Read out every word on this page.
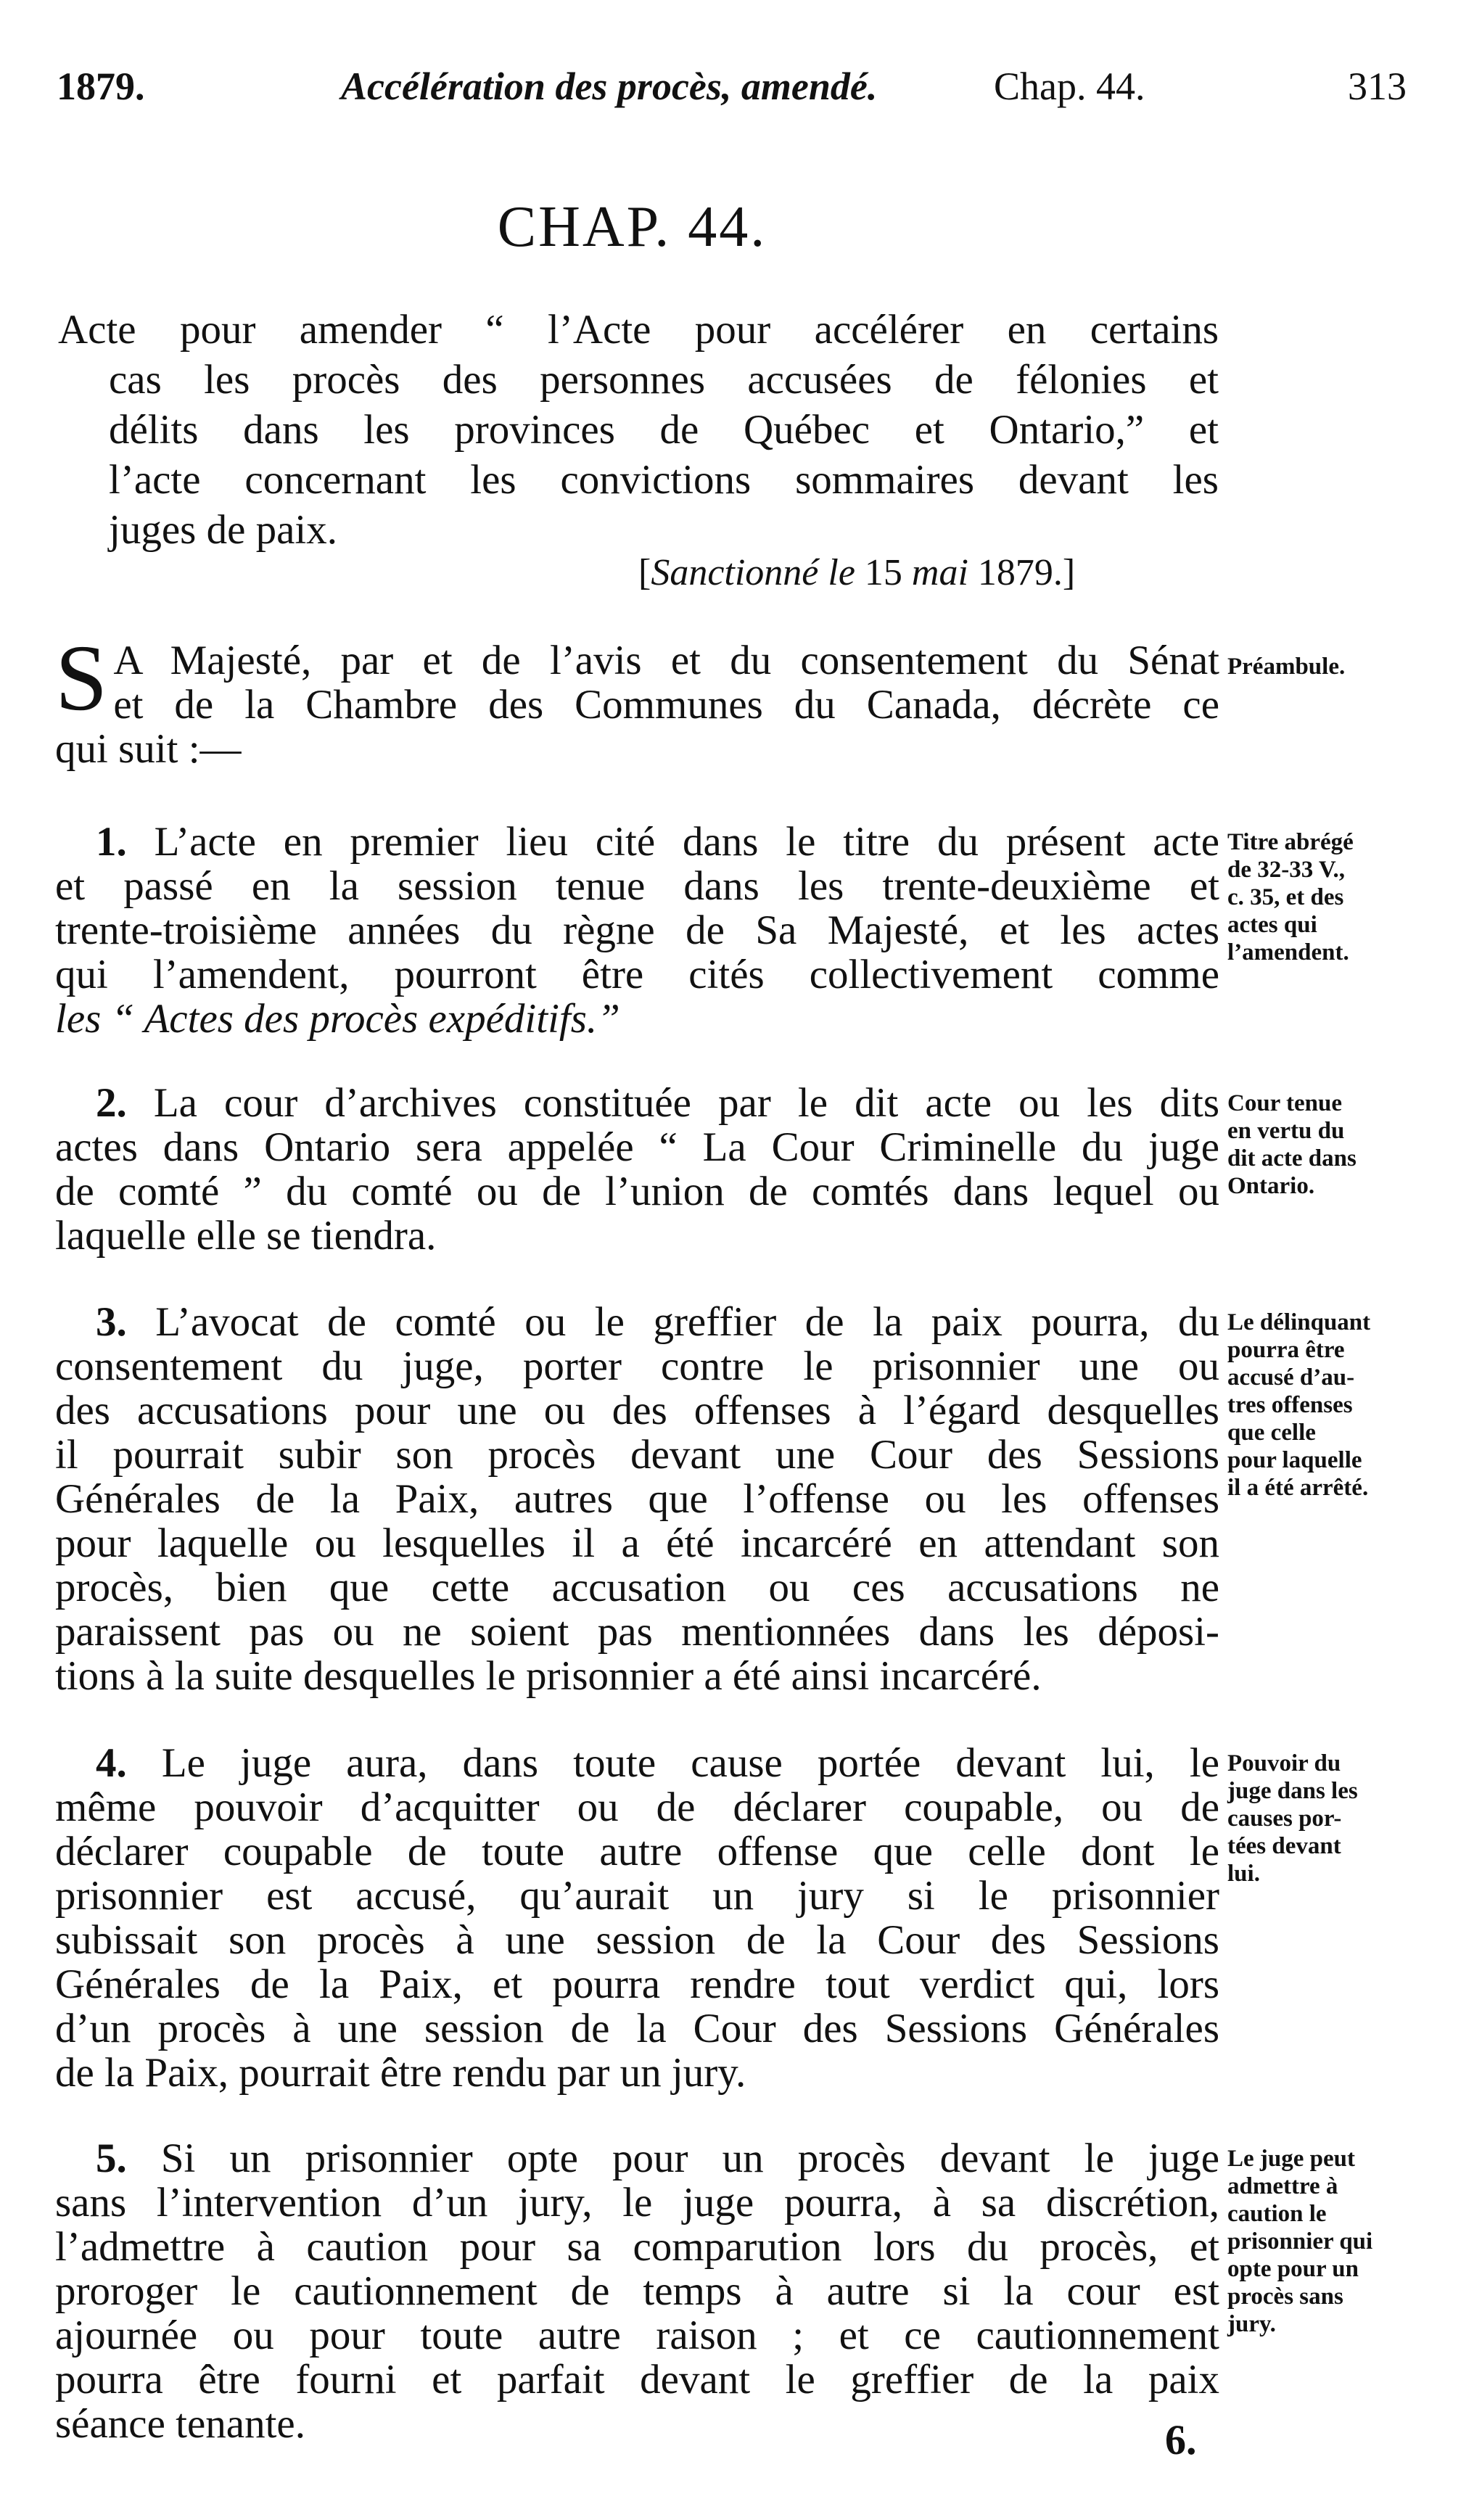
1879.	Accélération des procès, amendé.	Chap. 44.	313
CHAP. 44.
Acte pour amender “ l’Acte pour accélérer en certains
cas les procès des personnes accusées de félonies et
délits dans les provinces de Québec et Ontario,” et
l’acte concernant les convictions sommaires devant les
juges de paix.
[Sanctionné le 15 mai 1879.]
S A Majesté, par et de l’avis et du consentement du Sénat
et de la Chambre des Communes du Canada, décrète ce
qui suit :—
Préambule.
1. L’acte en premier lieu cité dans le titre du présent acte
et passé en la session tenue dans les trente-deuxième et
trente-troisième années du règne de Sa Majesté, et les actes
qui l’amendent, pourront être cités collectivement comme
les “ Actes des procès expéditifs.”
Titre abrégé
de 32-33 V.,
c. 35, et des
actes qui
l’amendent.
2. La cour d’archives constituée par le dit acte ou les dits
actes dans Ontario sera appelée “ La Cour Criminelle du juge
de comté ” du comté ou de l’union de comtés dans lequel ou
laquelle elle se tiendra.
Cour tenue
en vertu du
dit acte dans
Ontario.
3. L’avocat de comté ou le greffier de la paix pourra, du
consentement du juge, porter contre le prisonnier une ou
des accusations pour une ou des offenses à l’égard desquelles
il pourrait subir son procès devant une Cour des Sessions
Générales de la Paix, autres que l’offense ou les offenses
pour laquelle ou lesquelles il a été incarcéré en attendant son
procès, bien que cette accusation ou ces accusations ne
paraissent pas ou ne soient pas mentionnées dans les déposi-
tions à la suite desquelles le prisonnier a été ainsi incarcéré.
Le délinquant
pourra être
accusé d’au-
tres offenses
que celle
pour laquelle
il a été arrêté.
4. Le juge aura, dans toute cause portée devant lui, le
même pouvoir d’acquitter ou de déclarer coupable, ou de
déclarer coupable de toute autre offense que celle dont le
prisonnier est accusé, qu’aurait un jury si le prisonnier
subissait son procès à une session de la Cour des Sessions
Générales de la Paix, et pourra rendre tout verdict qui, lors
d’un procès à une session de la Cour des Sessions Générales
de la Paix, pourrait être rendu par un jury.
Pouvoir du
juge dans les
causes por-
tées devant
lui.
5. Si un prisonnier opte pour un procès devant le juge
sans l’intervention d’un jury, le juge pourra, à sa discrétion,
l’admettre à caution pour sa comparution lors du procès, et
proroger le cautionnement de temps à autre si la cour est
ajournée ou pour toute autre raison ; et ce cautionnement
pourra être fourni et parfait devant le greffier de la paix
séance tenante.
Le juge peut
admettre à
caution le
prisonnier qui
opte pour un
procès sans
jury.
6.
